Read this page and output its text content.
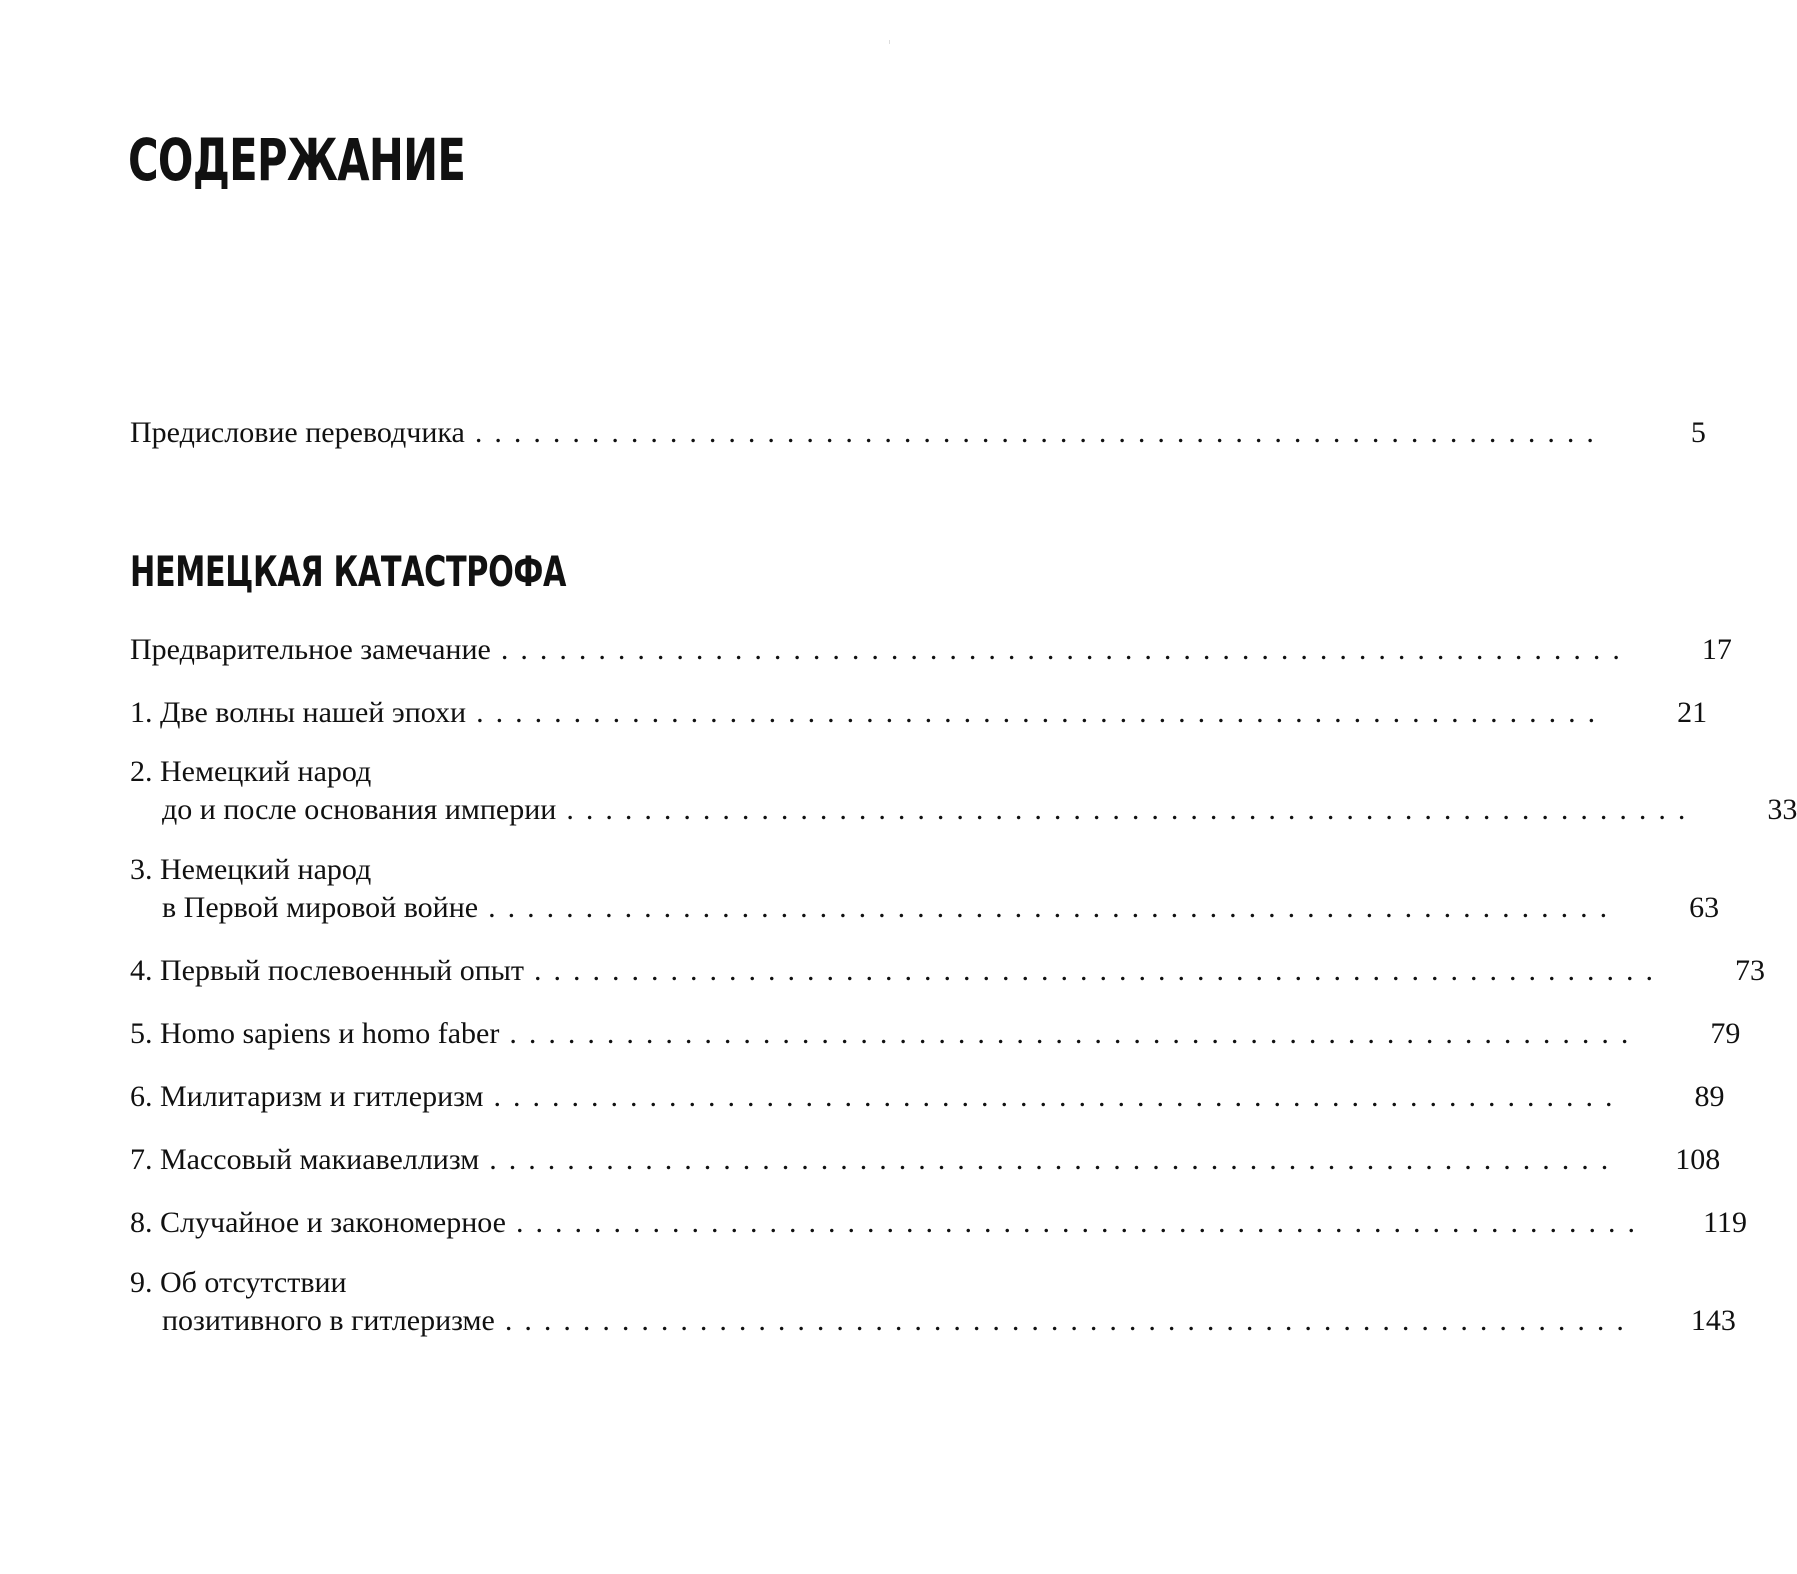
СОДЕРЖАНИЕ
Предисловие переводчика ..........................................................	5
НЕМЕЦКАЯ КАТАСТРОФА
Предварительное замечание ..........................................................	17
1. Две волны нашей эпохи ..........................................................	21
2. Немецкий народ
до и после основания империи ..........................................................	33
3. Немецкий народ
в Первой мировой войне ..........................................................	63
4. Первый послевоенный опыт ..........................................................	73
5. Homo sapiens и homo faber ..........................................................	79
6. Милитаризм и гитлеризм ..........................................................	89
7. Массовый макиавеллизм ..........................................................	108
8. Случайное и закономерное ..........................................................	119
9. Об отсутствии
позитивного в гитлеризме ..........................................................	143
